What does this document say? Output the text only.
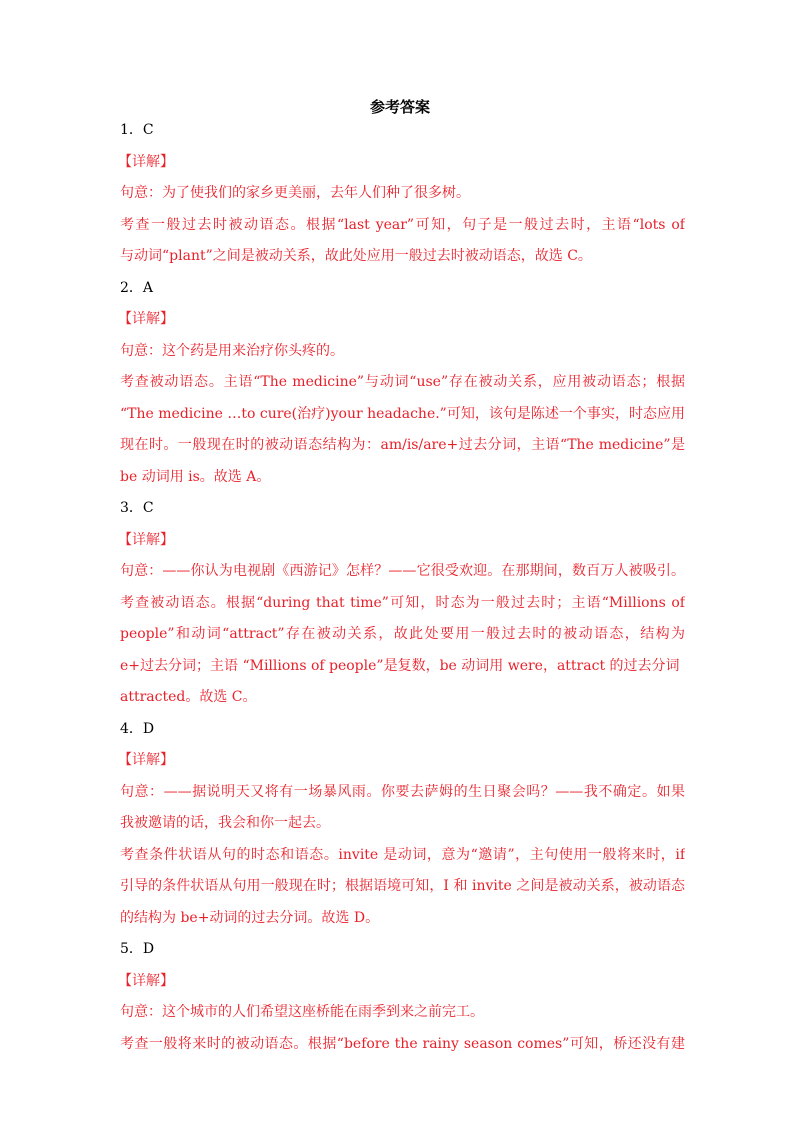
参考答案
1．C
【详解】
句意：为了使我们的家乡更美丽，去年人们种了很多树。
考查一般过去时被动语态。根据“last year”可知，句子是一般过去时，主语“lots of
与动词“plant”之间是被动关系，故此处应用一般过去时被动语态，故选 C。
2．A
【详解】
句意：这个药是用来治疗你头疼的。
考查被动语态。主语“The medicine”与动词“use”存在被动关系，应用被动语态；根据
“The medicine …to cure(治疗)your headache.”可知，该句是陈述一个事实，时态应用
现在时。一般现在时的被动语态结构为：am/is/are+过去分词，主语“The medicine”是
be 动词用 is。故选 A。
3．C
【详解】
句意：——你认为电视剧《西游记》怎样？——它很受欢迎。在那期间，数百万人被吸引。
考查被动语态。根据“during that time”可知，时态为一般过去时；主语“Millions of
people”和动词“attract”存在被动关系，故此处要用一般过去时的被动语态，结构为
e+过去分词；主语 “Millions of people”是复数，be 动词用 were，attract 的过去分词
attracted。故选 C。
4．D
【详解】
句意：——据说明天又将有一场暴风雨。你要去萨姆的生日聚会吗？——我不确定。如果
我被邀请的话，我会和你一起去。
考查条件状语从句的时态和语态。invite 是动词，意为“邀请”，主句使用一般将来时，if
引导的条件状语从句用一般现在时；根据语境可知，I 和 invite 之间是被动关系，被动语态
的结构为 be+动词的过去分词。故选 D。
5．D
【详解】
句意：这个城市的人们希望这座桥能在雨季到来之前完工。
考查一般将来时的被动语态。根据“before the rainy season comes”可知，桥还没有建
